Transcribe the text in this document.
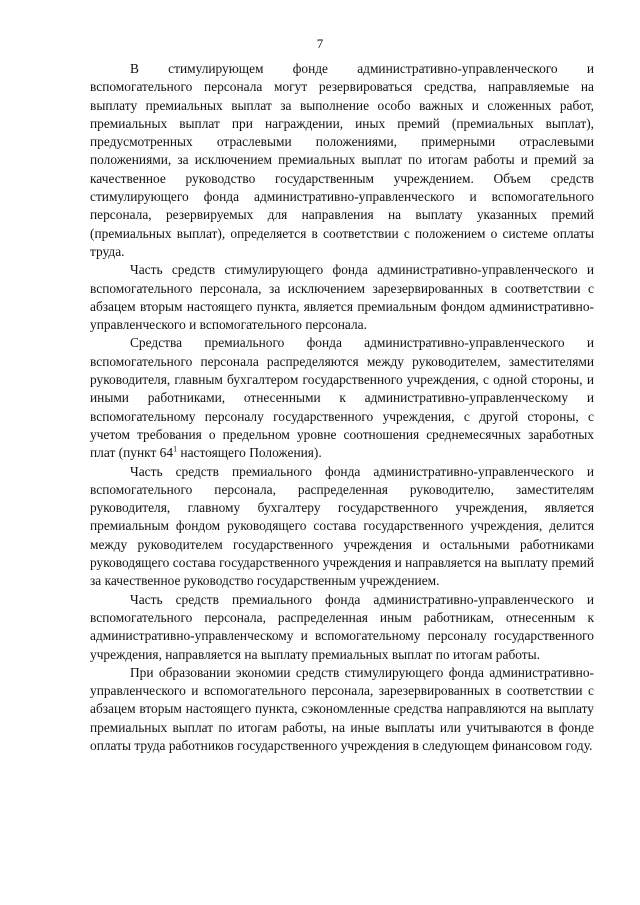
7

В стимулирующем фонде административно-управленческого и вспомогательного персонала могут резервироваться средства, направляемые на выплату премиальных выплат за выполнение особо важных и сложенных работ, премиальных выплат при награждении, иных премий (премиальных выплат), предусмотренных отраслевыми положениями, примерными отраслевыми положениями, за исключением премиальных выплат по итогам работы и премий за качественное руководство государственным учреждением. Объем средств стимулирующего фонда административно-управленческого и вспомогательного персонала, резервируемых для направления на выплату указанных премий (премиальных выплат), определяется в соответствии с положением о системе оплаты труда.

Часть средств стимулирующего фонда административно-управленческого и вспомогательного персонала, за исключением зарезервированных в соответствии с абзацем вторым настоящего пункта, является премиальным фондом административно-управленческого и вспомогательного персонала.

Средства премиального фонда административно-управленческого и вспомогательного персонала распределяются между руководителем, заместителями руководителя, главным бухгалтером государственного учреждения, с одной стороны, и иными работниками, отнесенными к административно-управленческому и вспомогательному персоналу государственного учреждения, с другой стороны, с учетом требования о предельном уровне соотношения среднемесячных заработных плат (пункт $64^1$ настоящего Положения).

Часть средств премиального фонда административно-управленческого и вспомогательного персонала, распределенная руководителю, заместителям руководителя, главному бухгалтеру государственного учреждения, является премиальным фондом руководящего состава государственного учреждения, делится между руководителем государственного учреждения и остальными работниками руководящего состава государственного учреждения и направляется на выплату премий за качественное руководство государственным учреждением.

Часть средств премиального фонда административно-управленческого и вспомогательного персонала, распределенная иным работникам, отнесенным к административно-управленческому и вспомогательному персоналу государственного учреждения, направляется на выплату премиальных выплат по итогам работы.

При образовании экономии средств стимулирующего фонда административно-управленческого и вспомогательного персонала, зарезервированных в соответствии с абзацем вторым настоящего пункта, сэкономленные средства направляются на выплату премиальных выплат по итогам работы, на иные выплаты или учитываются в фонде оплаты труда работников государственного учреждения в следующем финансовом году.
